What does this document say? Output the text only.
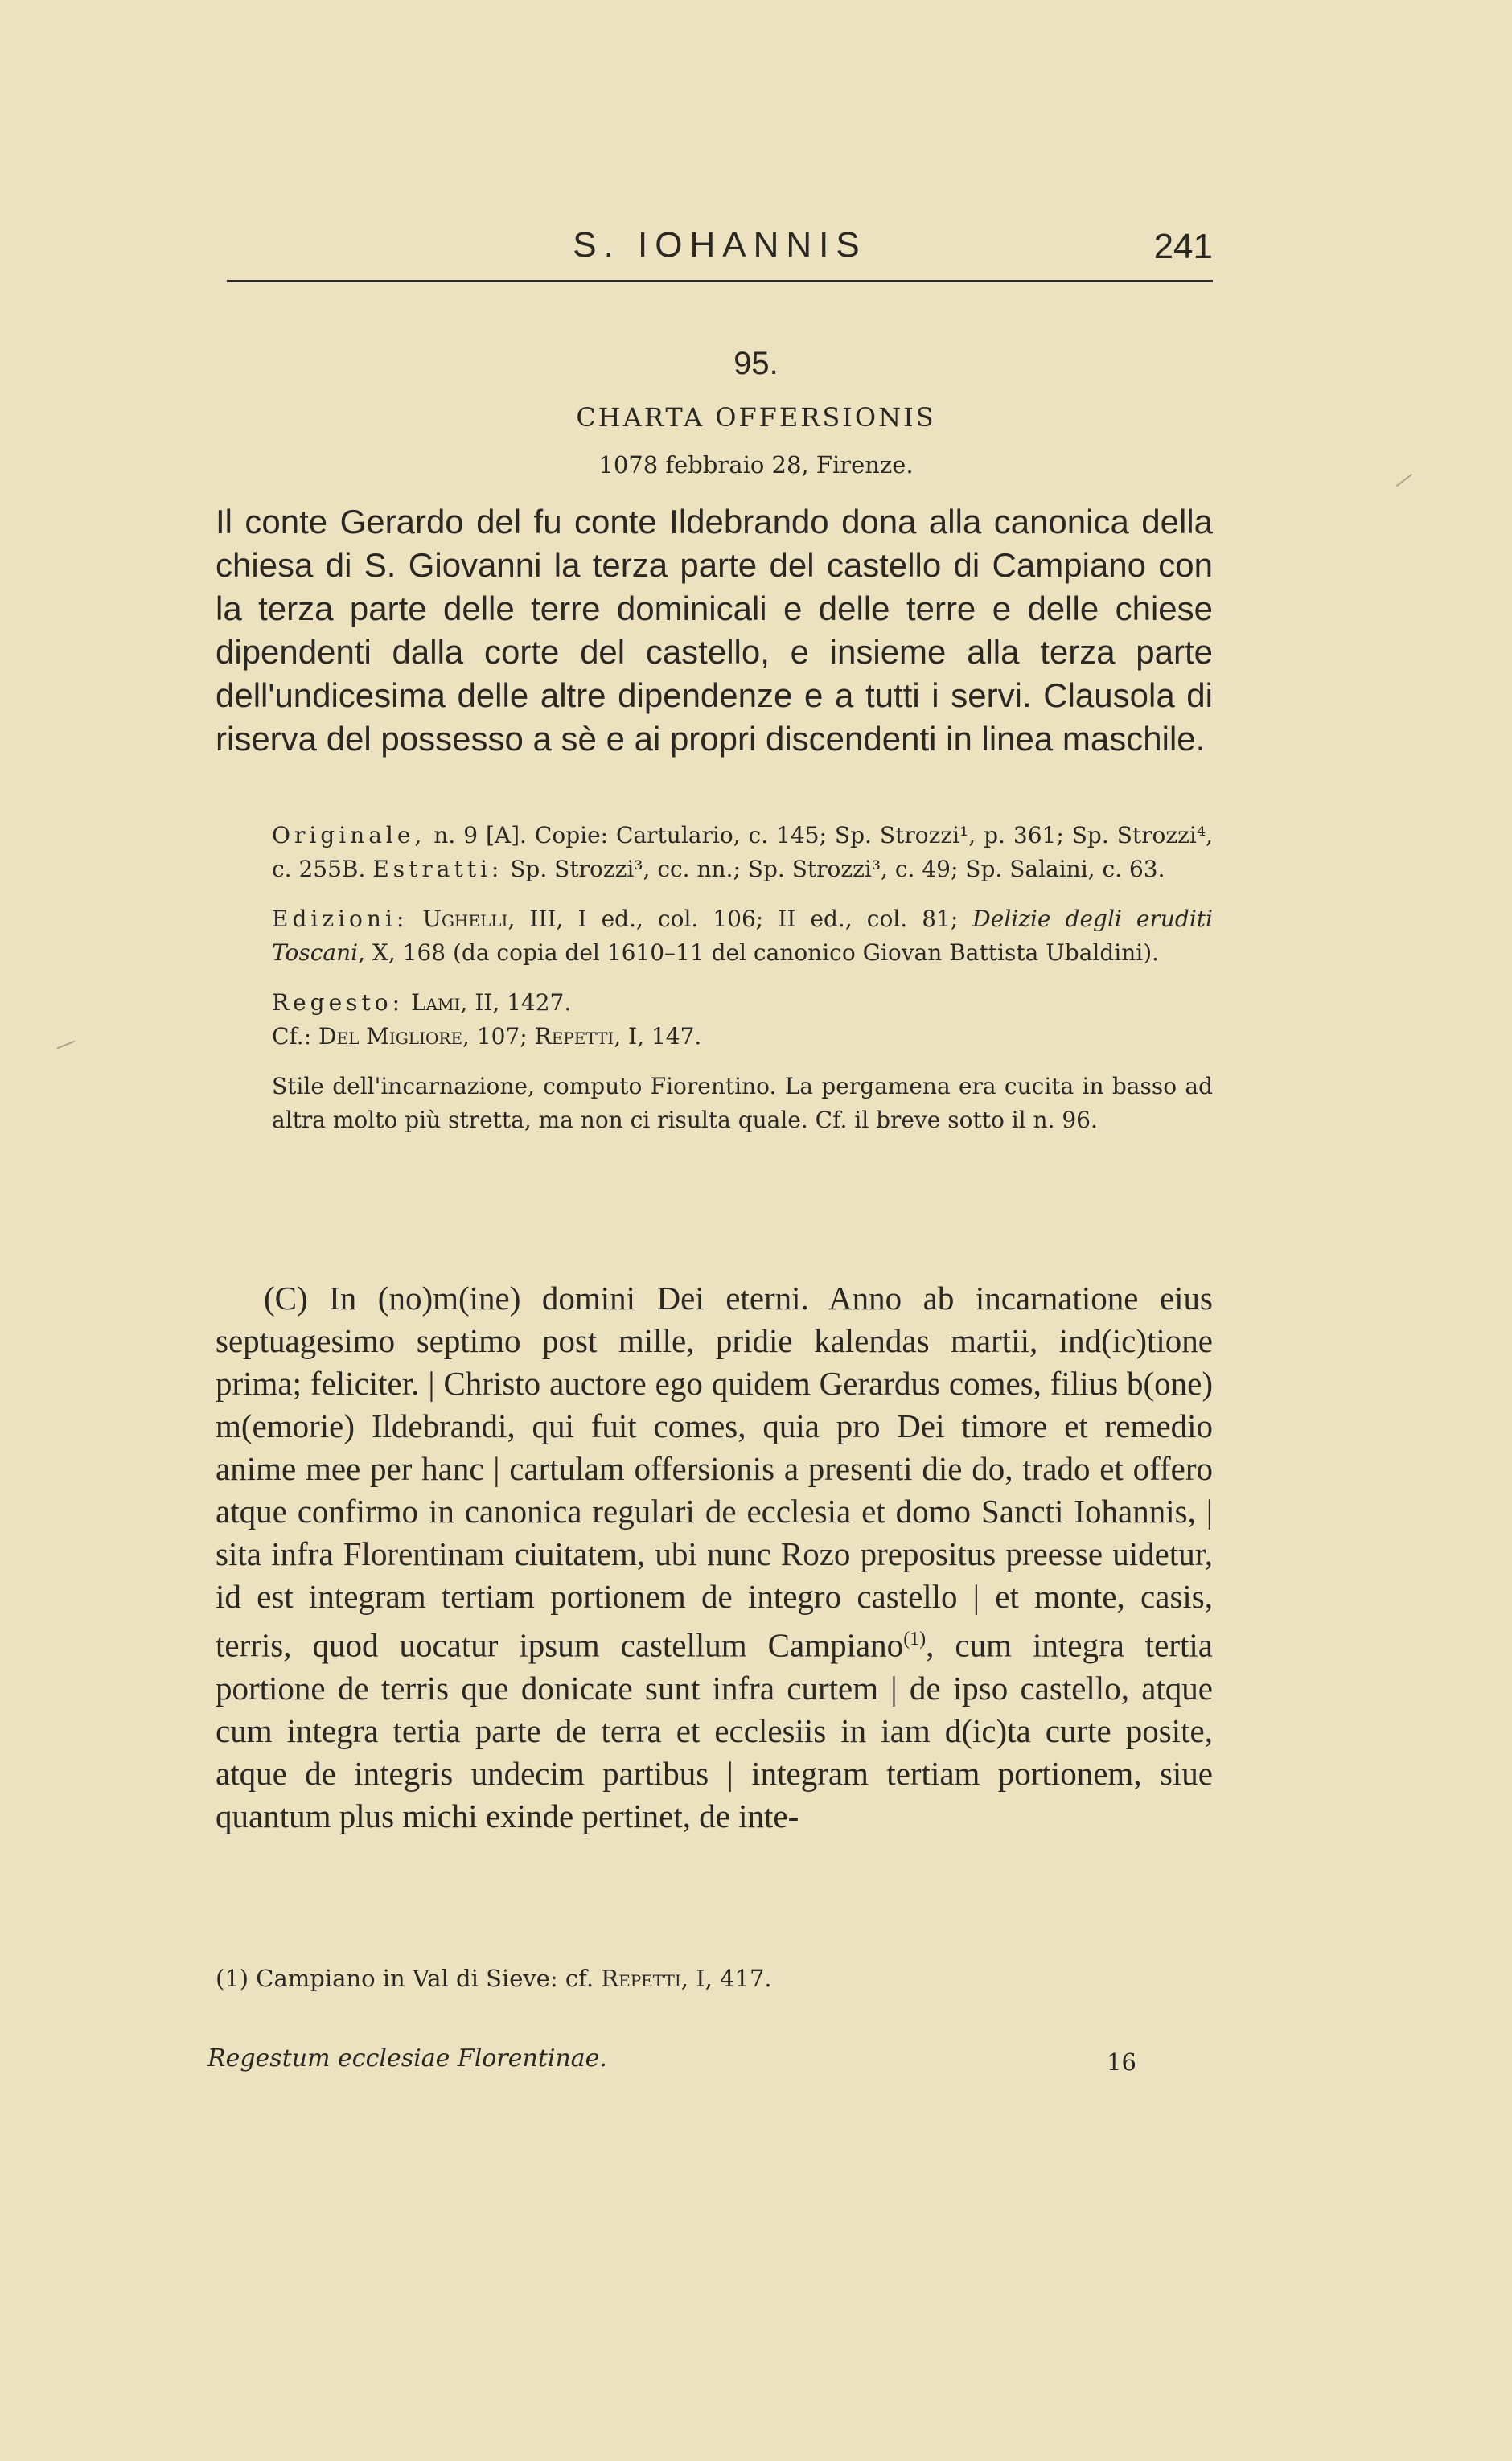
S. IOHANNIS	241
95.
CHARTA OFFERSIONIS
1078 febbraio 28, Firenze.
Il conte Gerardo del fu conte Ildebrando dona alla canonica della chiesa di S. Giovanni la terza parte del castello di Campiano con la terza parte delle terre dominicali e delle terre e delle chiese dipendenti dalla corte del castello, e insieme alla terza parte dell'undicesima delle altre dipendenze e a tutti i servi. Clausola di riserva del possesso a sè e ai propri discendenti in linea maschile.

Originale, n. 9 [A]. Copie: Cartulario, c. 145; Sp. Strozzi¹, p. 361; Sp. Strozzi⁴, c. 255B. Estratti: Sp. Strozzi³, cc. nn.; Sp. Strozzi³, c. 49; Sp. Salaini, c. 63.

Edizioni: Ughelli, III, I ed., col. 106; II ed., col. 81; Delizie degli eruditi Toscani, X, 168 (da copia del 1610–11 del canonico Giovan Battista Ubaldini).

Regesto: Lami, II, 1427.

Cf.: Del Migliore, 107; Repetti, I, 147.

Stile dell'incarnazione, computo Fiorentino. La pergamena era cucita in basso ad altra molto più stretta, ma non ci risulta quale. Cf. il breve sotto il n. 96.

(C) In (no)m(ine) domini Dei eterni. Anno ab incarnatione eius septuagesimo septimo post mille, pridie kalendas martii, ind(ic)tione prima; feliciter. | Christo auctore ego quidem Gerardus comes, filius b(one) m(emorie) Ildebrandi, qui fuit comes, quia pro Dei timore et remedio anime mee per hanc | cartulam offersionis a presenti die do, trado et offero atque confirmo in canonica regulari de ecclesia et domo Sancti Iohannis, | sita infra Florentinam ciuitatem, ubi nunc Rozo prepositus preesse uidetur, id est integram tertiam portionem de integro castello | et monte, casis, terris, quod uocatur ipsum castellum Campiano$^{(1)}$, cum integra tertia portione de terris que donicate sunt infra curtem | de ipso castello, atque cum integra tertia parte de terra et ecclesiis in iam d(ic)ta curte posite, atque de integris undecim partibus | integram tertiam portionem, siue quantum plus michi exinde pertinet, de inte-

(1) Campiano in Val di Sieve: cf. Repetti, I, 417.
Regestum ecclesiae Florentinae.	16
